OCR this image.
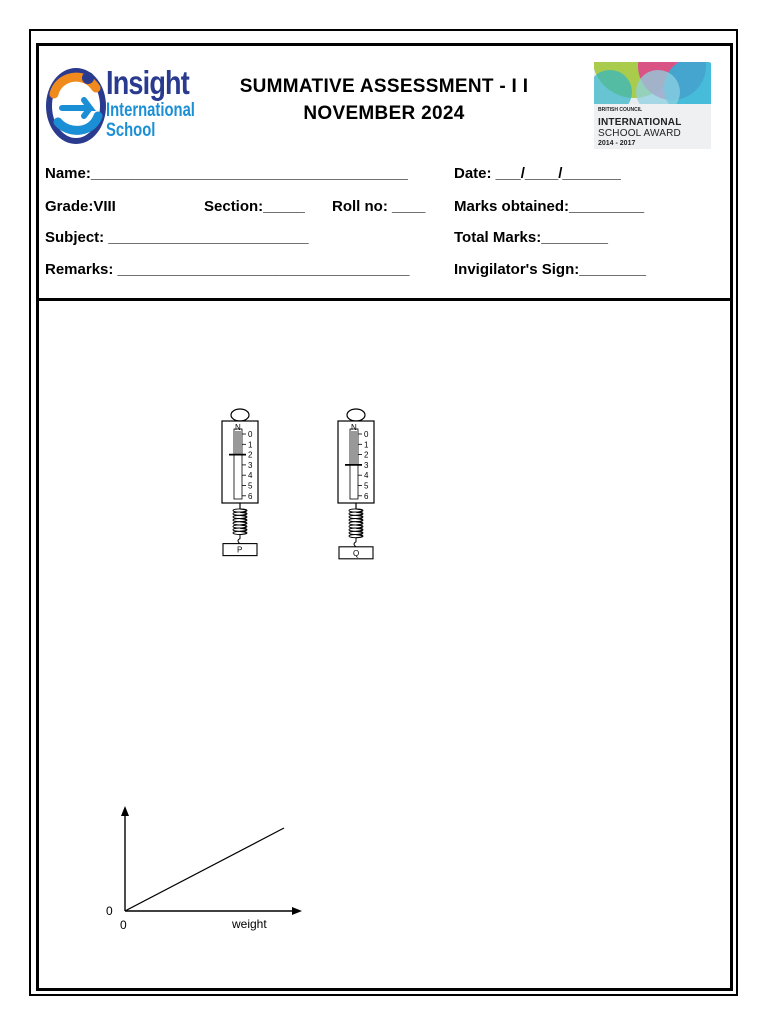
Insight
International
School
SUMMATIVE ASSESSMENT - I I
NOVEMBER 2024	BRITISH COUNCIL
INTERNATIONAL
SCHOOL AWARD
2014 - 2017
Name:______________________________________	Date: ___/____/_______
Grade:VIII	Section:_____ Roll no: ____ Marks obtained:_________
Subject: ________________________	Total Marks:________
Remarks: ___________________________________	Invigilator's Sign:________
N
0
1
2
3
4
5
6
P
N
0
1
2
3
4
5
6
Q
0
0	weight
